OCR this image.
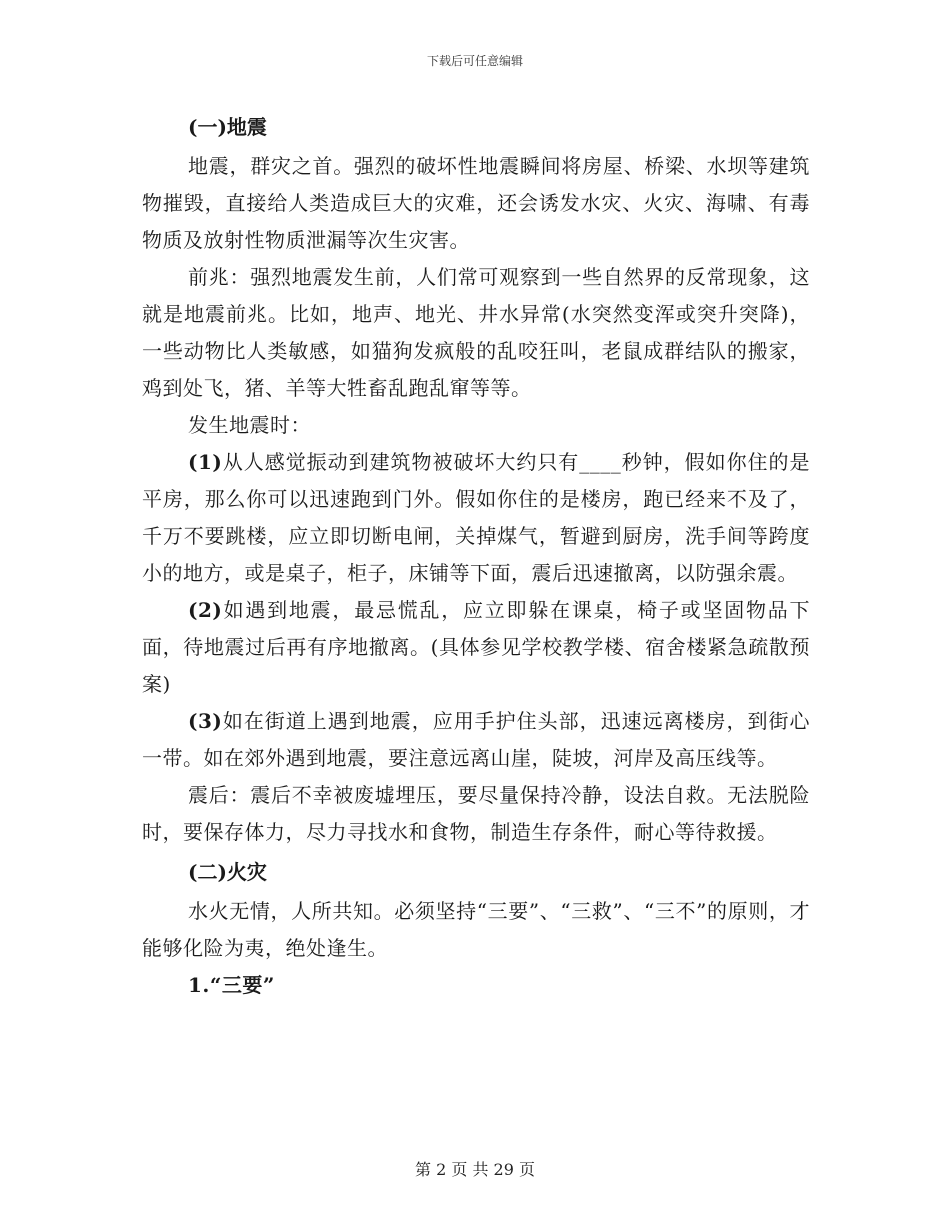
下载后可任意编辑
(一)地震

地震，群灾之首。强烈的破坏性地震瞬间将房屋、桥梁、水坝等建筑物摧毁，直接给人类造成巨大的灾难，还会诱发水灾、火灾、海啸、有毒物质及放射性物质泄漏等次生灾害。

前兆：强烈地震发生前，人们常可观察到一些自然界的反常现象，这就是地震前兆。比如，地声、地光、井水异常(水突然变浑或突升突降)，一些动物比人类敏感，如猫狗发疯般的乱咬狂叫，老鼠成群结队的搬家，鸡到处飞，猪、羊等大牲畜乱跑乱窜等等。

发生地震时：

(1)从人感觉振动到建筑物被破坏大约只有____秒钟，假如你住的是平房，那么你可以迅速跑到门外。假如你住的是楼房，跑已经来不及了，千万不要跳楼，应立即切断电闸，关掉煤气，暂避到厨房，洗手间等跨度小的地方，或是桌子，柜子，床铺等下面，震后迅速撤离，以防强余震。

(2)如遇到地震，最忌慌乱，应立即躲在课桌，椅子或坚固物品下面，待地震过后再有序地撤离。(具体参见学校教学楼、宿舍楼紧急疏散预案)

(3)如在街道上遇到地震，应用手护住头部，迅速远离楼房，到街心一带。如在郊外遇到地震，要注意远离山崖，陡坡，河岸及高压线等。

震后：震后不幸被废墟埋压，要尽量保持冷静，设法自救。无法脱险时，要保存体力，尽力寻找水和食物，制造生存条件，耐心等待救援。

(二)火灾

水火无情，人所共知。必须坚持“三要”、“三救”、“三不”的原则，才能够化险为夷，绝处逢生。

1.“三要”

第 2 页 共 29 页
